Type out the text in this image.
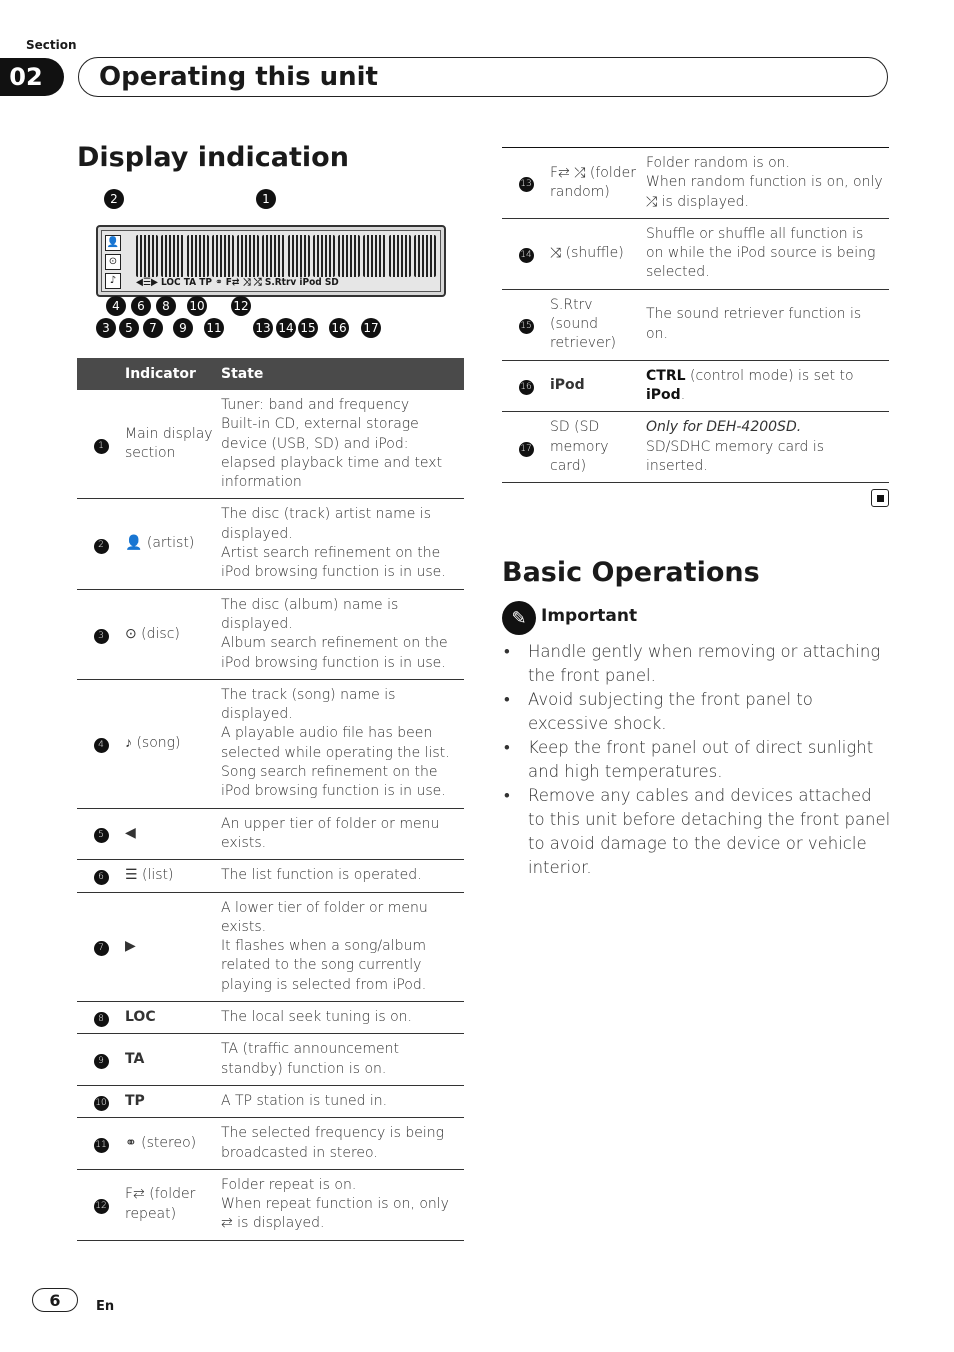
Section
02	Operating this unit
Display indication
2	1
👤
⊙
♪	◀☰▶ LOC TA TP ⚭ F⇄ ⤨ ⤮ S.Rtrv iPod SD
4	6	8	10 12
3	5	7	9	11	13 14 15 16 17
	Indicator	State
1	Main display section	Tuner: band and frequency
Built-in CD, external storage device (USB, SD) and iPod: elapsed playback time and text information
2	👤 (artist)	The disc (track) artist name is displayed.
Artist search refinement on the iPod browsing function is in use.
3	⊙ (disc)	The disc (album) name is displayed.
Album search refinement on the iPod browsing function is in use.
4	♪ (song)	The track (song) name is displayed.
A playable audio file has been selected while operating the list.
Song search refinement on the iPod browsing function is in use.
5	◀	An upper tier of folder or menu exists.
6	☰ (list)	The list function is operated.
7	▶	A lower tier of folder or menu exists.
It flashes when a song/album related to the song currently playing is selected from iPod.
8	LOC	The local seek tuning is on.
9	TA	TA (traffic announcement standby) function is on.
10	TP	A TP station is tuned in.
11	⚭ (stereo)	The selected frequency is being broadcasted in stereo.
12	F⇄ (folder repeat)	Folder repeat is on.
When repeat function is on, only ⇄ is displayed.
13	F⇄ ⤮ (folder random)	Folder random is on.
When random function is on, only ⤮ is displayed.
14	⤨ (shuffle)	Shuffle or shuffle all function is on while the iPod source is being selected.
15	S.Rtrv (sound retriever)	The sound retriever function is on.
16	iPod	CTRL (control mode) is set to iPod.
17	SD (SD memory card)	Only for DEH-4200SD.
SD/SDHC memory card is inserted.
Basic Operations
✎ Important
• Handle gently when removing or attaching the front panel.
• Avoid subjecting the front panel to excessive shock.
• Keep the front panel out of direct sunlight and high temperatures.
• Remove any cables and devices attached to this unit before detaching the front panel to avoid damage to the device or vehicle interior.
6	En
